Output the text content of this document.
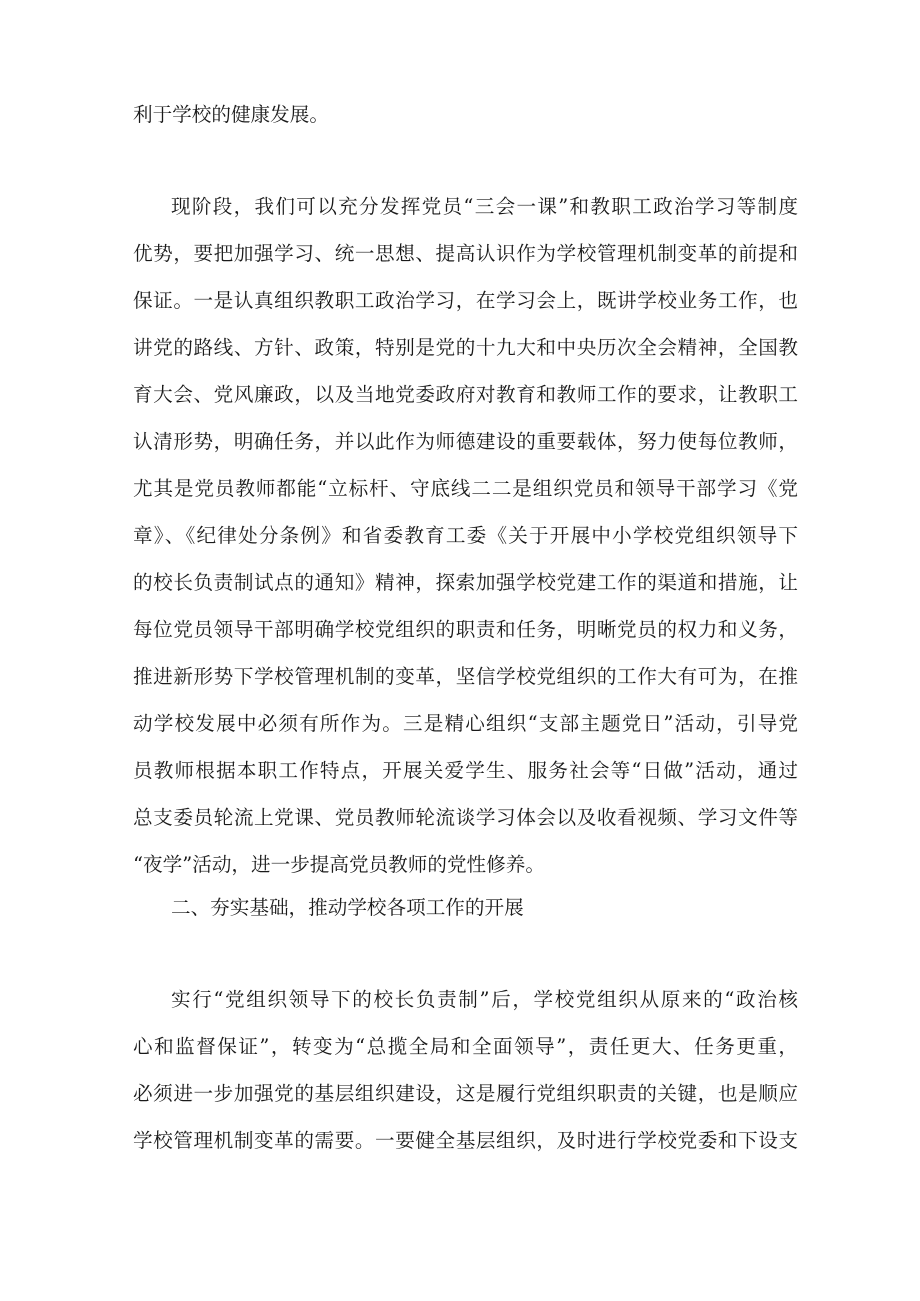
利于学校的健康发展。
现阶段，我们可以充分发挥党员“三会一课”和教职工政治学习等制度
优势，要把加强学习、统一思想、提高认识作为学校管理机制变革的前提和
保证。一是认真组织教职工政治学习，在学习会上，既讲学校业务工作，也
讲党的路线、方针、政策，特别是党的十九大和中央历次全会精神，全国教
育大会、党风廉政，以及当地党委政府对教育和教师工作的要求，让教职工
认清形势，明确任务，并以此作为师德建设的重要载体，努力使每位教师，
尤其是党员教师都能“立标杆、守底线二二是组织党员和领导干部学习《党
章》、《纪律处分条例》和省委教育工委《关于开展中小学校党组织领导下
的校长负责制试点的通知》精神，探索加强学校党建工作的渠道和措施，让
每位党员领导干部明确学校党组织的职责和任务，明晰党员的权力和义务，
推进新形势下学校管理机制的变革，坚信学校党组织的工作大有可为，在推
动学校发展中必须有所作为。三是精心组织“支部主题党日”活动，引导党
员教师根据本职工作特点，开展关爱学生、服务社会等“日做”活动，通过
总支委员轮流上党课、党员教师轮流谈学习体会以及收看视频、学习文件等
“夜学”活动，进一步提高党员教师的党性修养。
二、夯实基础，推动学校各项工作的开展
实行“党组织领导下的校长负责制”后，学校党组织从原来的“政治核
心和监督保证”，转变为“总揽全局和全面领导”，责任更大、任务更重，
必须进一步加强党的基层组织建设，这是履行党组织职责的关键，也是顺应
学校管理机制变革的需要。一要健全基层组织，及时进行学校党委和下设支
